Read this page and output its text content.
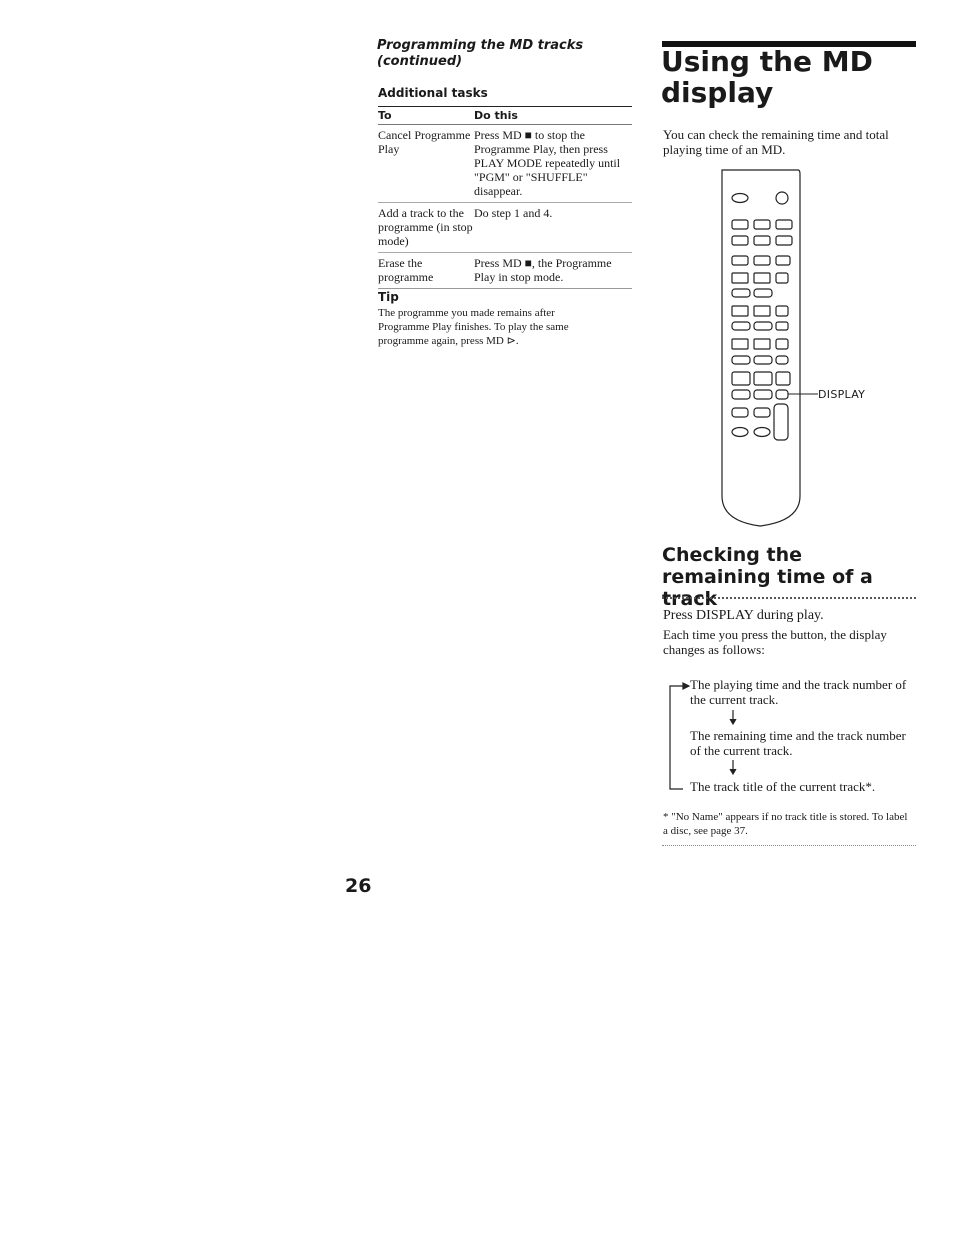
Programming the MD tracks (continued)
Additional tasks
To	Do this
Cancel Programme Play
Press MD ■ to stop the Programme Play, then press PLAY MODE repeatedly until "PGM" or "SHUFFLE" disappear.
Add a track to the programme (in stop mode)
Do step 1 and 4.
Erase the programme
Press MD ■, the Programme Play in stop mode.
Tip
The programme you made remains after Programme Play finishes. To play the same programme again, press MD ⊳.
26
Using the MD display
You can check the remaining time and total playing time of an MD.
DISPLAY
Checking the remaining time of a track
Press DISPLAY during play.
Each time you press the button, the display changes as follows:
The playing time and the track number of the current track.
The remaining time and the track number of the current track.
The track title of the current track*.
* "No Name" appears if no track title is stored. To label a disc, see page 37.
